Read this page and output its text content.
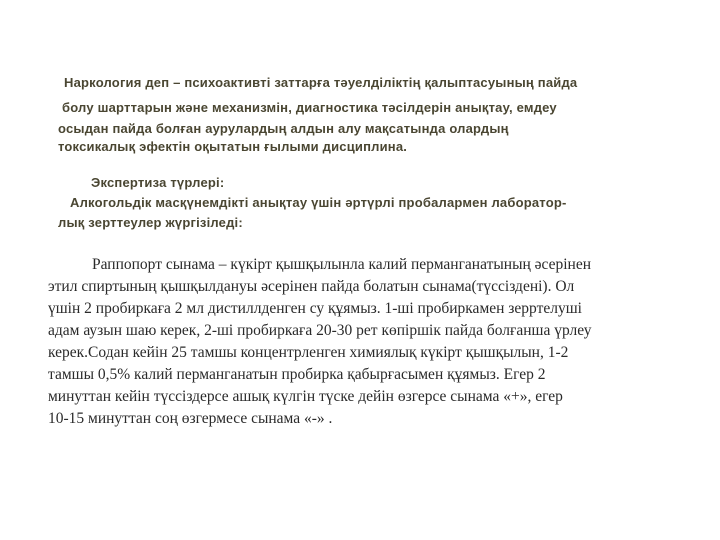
Наркология деп – психоактивті заттарға тәуелділіктің қалыптасуының пайда
болу шарттарын және механизмін, диагностика тәсілдерін анықтау, емдеу
осыдан пайда болған аурулардың алдын алу мақсатында олардың
токсикалық эфектін оқытатын ғылыми дисциплина.
Экспертиза түрлері:
Алкогольдік масқүнемдікті анықтау үшін әртүрлі пробалармен лаборатор-
лық зерттеулер жүргізіледі:
Раппопорт сынама – күкірт қышқылынла калий перманганатының әсерінен
этил спиртының қышқылдануы әсерінен пайда болатын сынама(түссіздені). Ол
үшін 2 пробиркаға 2 мл дистиллденген су құямыз. 1-ші пробиркамен зерртелуші
адам аузын шаю керек, 2-ші пробиркаға 20-30 рет көпіршік пайда болғанша үрлеу
керек.Содан кейін 25 тамшы концентрленген химиялық күкірт қышқылын, 1-2
тамшы 0,5% калий перманганатын пробирка қабырғасымен құямыз. Егер 2
минуттан кейін түссіздерсе ашық күлгін түске дейін өзгерсе сынама «+», егер
10-15 минуттан соң өзгермесе сынама «-» .
